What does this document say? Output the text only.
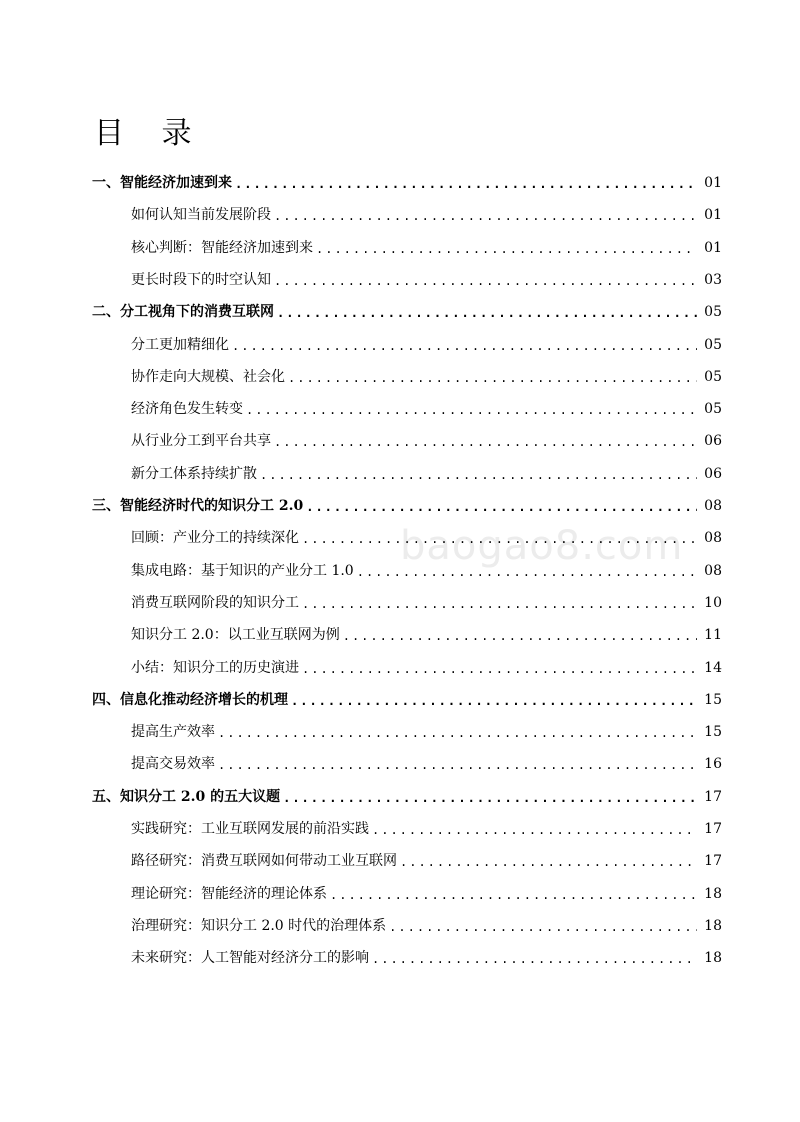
目 录
baogao8.com
一、智能经济加速到来 .....	01
如何认知当前发展阶段 .....	01
核心判断：智能经济加速到来 .....	01
更长时段下的时空认知 .....	03
二、分工视角下的消费互联网 .....	05
分工更加精细化 .....	05
协作走向大规模、社会化 .....	05
经济角色发生转变 .....	05
从行业分工到平台共享 .....	06
新分工体系持续扩散 .....	06
三、智能经济时代的知识分工 2.0 .....	08
回顾：产业分工的持续深化 .....	08
集成电路：基于知识的产业分工 1.0 .....	08
消费互联网阶段的知识分工 .....	10
知识分工 2.0：以工业互联网为例 .....	11
小结：知识分工的历史演进 .....	14
四、信息化推动经济增长的机理 .....	15
提高生产效率 .....	15
提高交易效率 .....	16
五、知识分工 2.0 的五大议题 .....	17
实践研究：工业互联网发展的前沿实践 .....	17
路径研究：消费互联网如何带动工业互联网 .....	17
理论研究：智能经济的理论体系 .....	18
治理研究：知识分工 2.0 时代的治理体系 .....	18
未来研究：人工智能对经济分工的影响 .....	18
